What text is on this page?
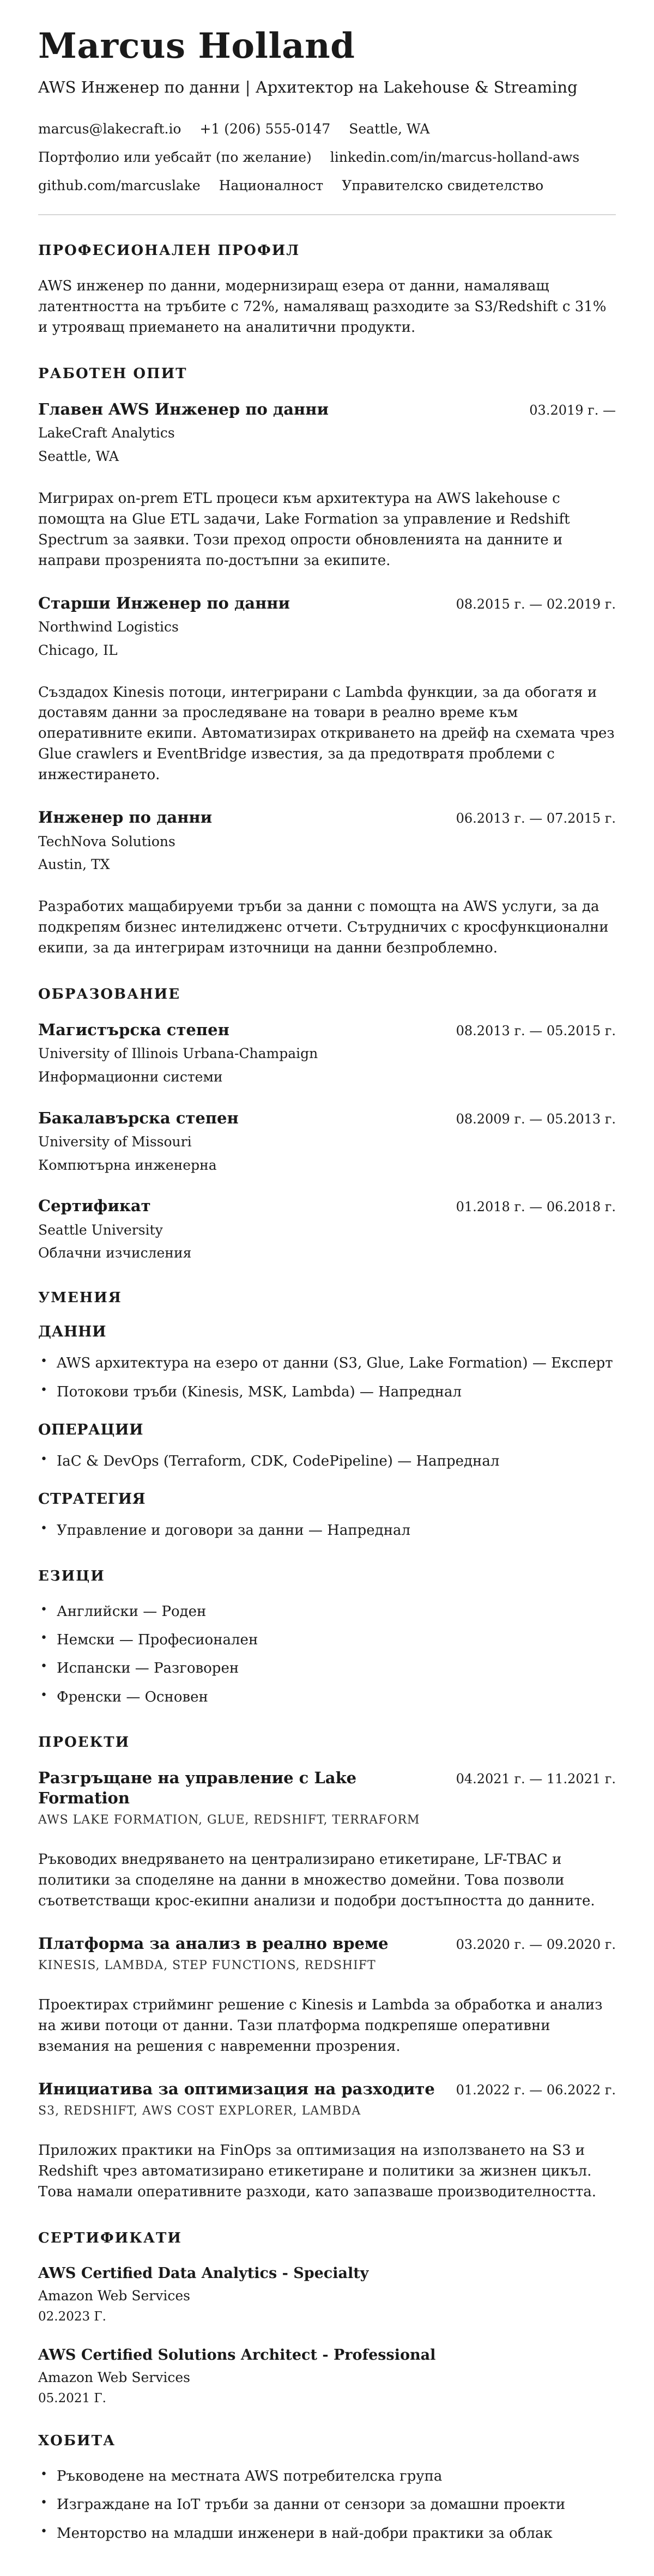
Marcus Holland

AWS Инженер по данни | Архитектор на Lakehouse & Streaming

marcus@lakecraft.io +1 (206) 555-0147 Seattle, WA
Портфолио или уебсайт (по желание) linkedin.com/in/marcus-holland-aws
github.com/marcuslake Националност Управителско свидетелство
ПРОФЕСИОНАЛЕН ПРОФИЛ

AWS инженер по данни, модернизиращ езера от данни, намаляващ латентността на тръбите с 72%, намаляващ разходите за S3/Redshift с 31% и утрояващ приемането на аналитични продукти.

РАБОТЕН ОПИТ
Главен AWS Инженер по данни	03.2019 г. —
LakeCraft Analytics
Seattle, WA

Мигрирах on-prem ETL процеси към архитектура на AWS lakehouse с помощта на Glue ETL задачи, Lake Formation за управление и Redshift Spectrum за заявки. Този преход опрости обновленията на данните и направи прозренията по-достъпни за екипите.

Старши Инженер по данни	08.2015 г. — 02.2019 г.
Northwind Logistics
Chicago, IL

Създадох Kinesis потоци, интегрирани с Lambda функции, за да обогатя и доставям данни за проследяване на товари в реално време към оперативните екипи. Автоматизирах откриването на дрейф на схемата чрез Glue crawlers и EventBridge известия, за да предотвратя проблеми с инжестирането.

Инженер по данни	06.2013 г. — 07.2015 г.
TechNova Solutions
Austin, TX

Разработих мащабируеми тръби за данни с помощта на AWS услуги, за да подкрепям бизнес интелидженс отчети. Сътрудничих с кросфункционални екипи, за да интегрирам източници на данни безпроблемно.

ОБРАЗОВАНИЕ
Магистърска степен	08.2013 г. — 05.2015 г.
University of Illinois Urbana-Champaign
Информационни системи
Бакалавърска степен	08.2009 г. — 05.2013 г.
University of Missouri
Компютърна инженерна
Сертификат	01.2018 г. — 06.2018 г.
Seattle University
Облачни изчисления
УМЕНИЯ
ДАННИ
• AWS архитектура на езеро от данни (S3, Glue, Lake Formation) — Експерт
• Потокови тръби (Kinesis, MSK, Lambda) — Напреднал
ОПЕРАЦИИ
• IaC & DevOps (Terraform, CDK, CodePipeline) — Напреднал
СТРАТЕГИЯ
• Управление и договори за данни — Напреднал
ЕЗИЦИ
• Английски — Роден
• Немски — Професионален
• Испански — Разговорен
• Френски — Основен
ПРОЕКТИ
Разгръщане на управление с Lake Formation
04.2021 г. — 11.2021 г.
AWS LAKE FORMATION, GLUE, REDSHIFT, TERRAFORM

Ръководих внедряването на централизирано етикетиране, LF-TBAC и политики за споделяне на данни в множество домейни. Това позволи съответстващи крос-екипни анализи и подобри достъпността до данните.

Платформа за анализ в реално време	03.2020 г. — 09.2020 г.
KINESIS, LAMBDA, STEP FUNCTIONS, REDSHIFT

Проектирах стрийминг решение с Kinesis и Lambda за обработка и анализ на живи потоци от данни. Тази платформа подкрепяше оперативни вземания на решения с навременни прозрения.

Инициатива за оптимизация на разходите	01.2022 г. — 06.2022 г.
S3, REDSHIFT, AWS COST EXPLORER, LAMBDA

Приложих практики на FinOps за оптимизация на използването на S3 и Redshift чрез автоматизирано етикетиране и политики за жизнен цикъл. Това намали оперативните разходи, като запазваше производителността.

СЕРТИФИКАТИ
AWS Certified Data Analytics - Specialty
Amazon Web Services
02.2023 Г.
AWS Certified Solutions Architect - Professional
Amazon Web Services
05.2021 Г.
ХОБИТА
• Ръководене на местната AWS потребителска група
• Изграждане на IoT тръби за данни от сензори за домашни проекти
• Менторство на младши инженери в най-добри практики за облак
